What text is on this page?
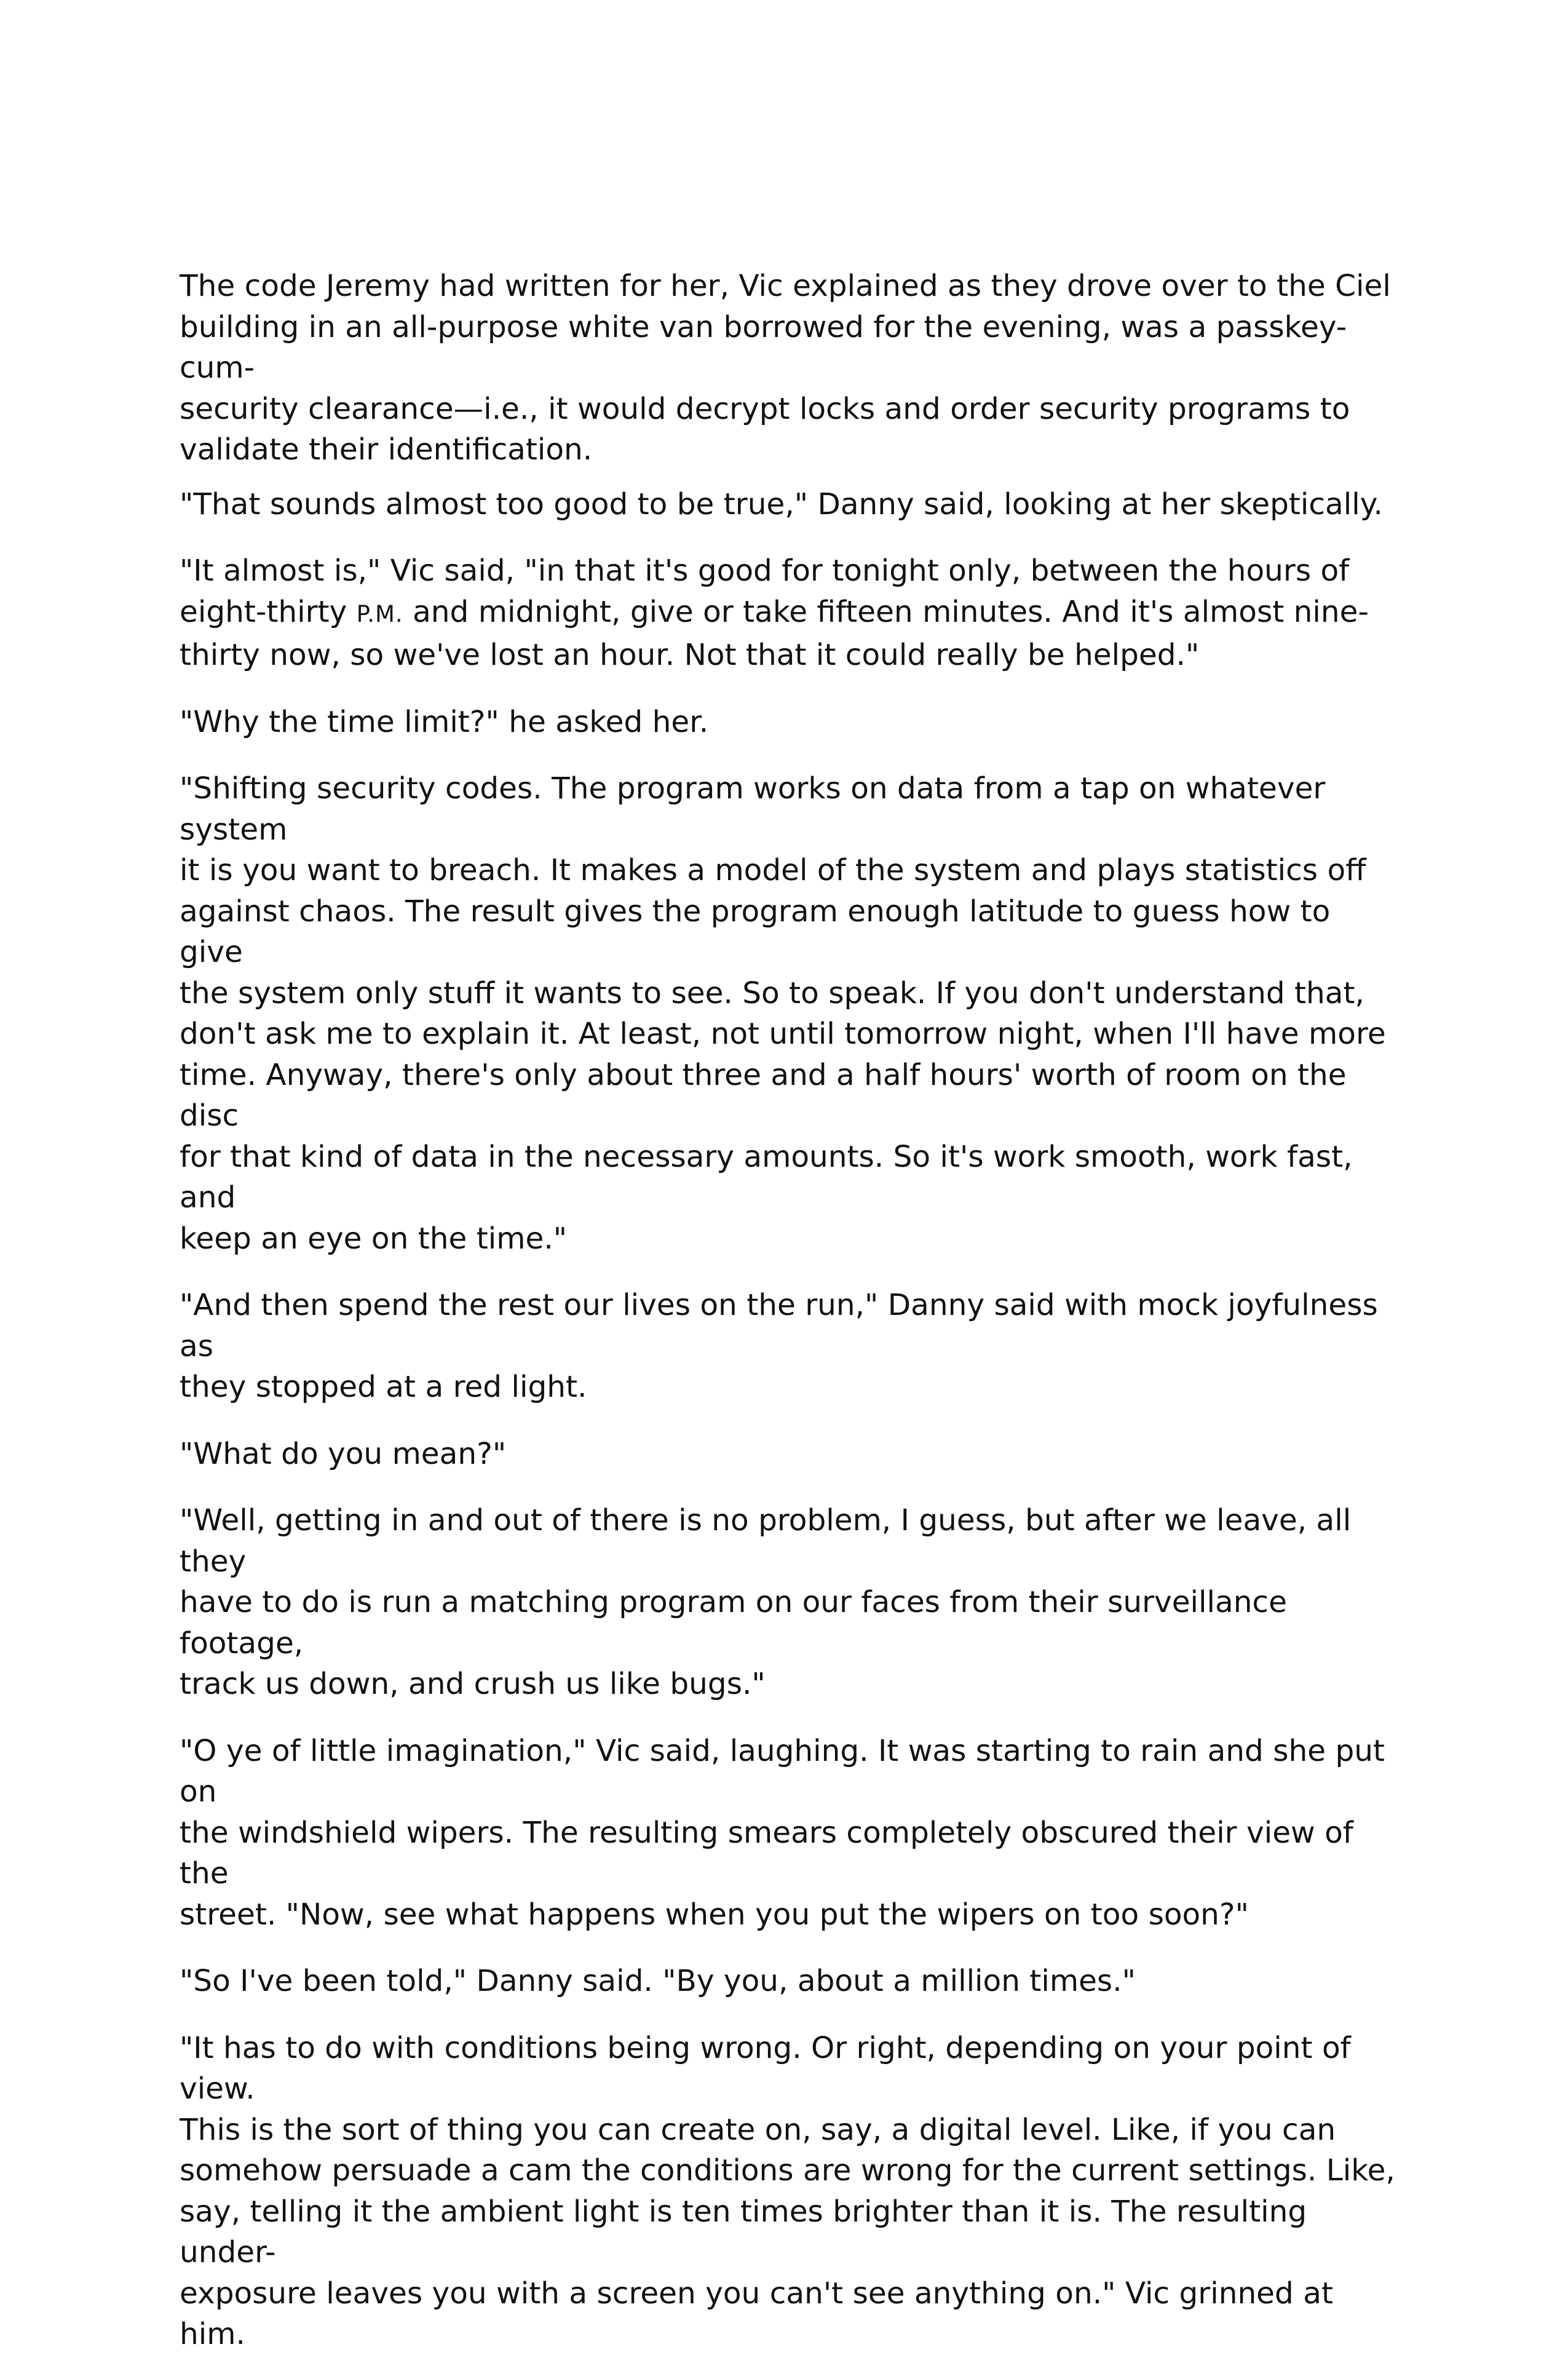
The code Jeremy had written for her, Vic explained as they drove over to the Ciel
building in an all-purpose white van borrowed for the evening, was a passkey-cum-
security clearance—i.e., it would decrypt locks and order security programs to
validate their identification.

"That sounds almost too good to be true," Danny said, looking at her skeptically.

"It almost is," Vic said, "in that it's good for tonight only, between the hours of
eight-thirty P.M. and midnight, give or take fifteen minutes. And it's almost nine-
thirty now, so we've lost an hour. Not that it could really be helped."

"Why the time limit?" he asked her.

"Shifting security codes. The program works on data from a tap on whatever system
it is you want to breach. It makes a model of the system and plays statistics off
against chaos. The result gives the program enough latitude to guess how to give
the system only stuff it wants to see. So to speak. If you don't understand that,
don't ask me to explain it. At least, not until tomorrow night, when I'll have more
time. Anyway, there's only about three and a half hours' worth of room on the disc
for that kind of data in the necessary amounts. So it's work smooth, work fast, and
keep an eye on the time."

"And then spend the rest our lives on the run," Danny said with mock joyfulness as
they stopped at a red light.

"What do you mean?"

"Well, getting in and out of there is no problem, I guess, but after we leave, all they
have to do is run a matching program on our faces from their surveillance footage,
track us down, and crush us like bugs."

"O ye of little imagination," Vic said, laughing. It was starting to rain and she put on
the windshield wipers. The resulting smears completely obscured their view of the
street. "Now, see what happens when you put the wipers on too soon?"

"So I've been told," Danny said. "By you, about a million times."

"It has to do with conditions being wrong. Or right, depending on your point of view.
This is the sort of thing you can create on, say, a digital level. Like, if you can
somehow persuade a cam the conditions are wrong for the current settings. Like,
say, telling it the ambient light is ten times brighter than it is. The resulting under-
exposure leaves you with a screen you can't see anything on." Vic grinned at him.
